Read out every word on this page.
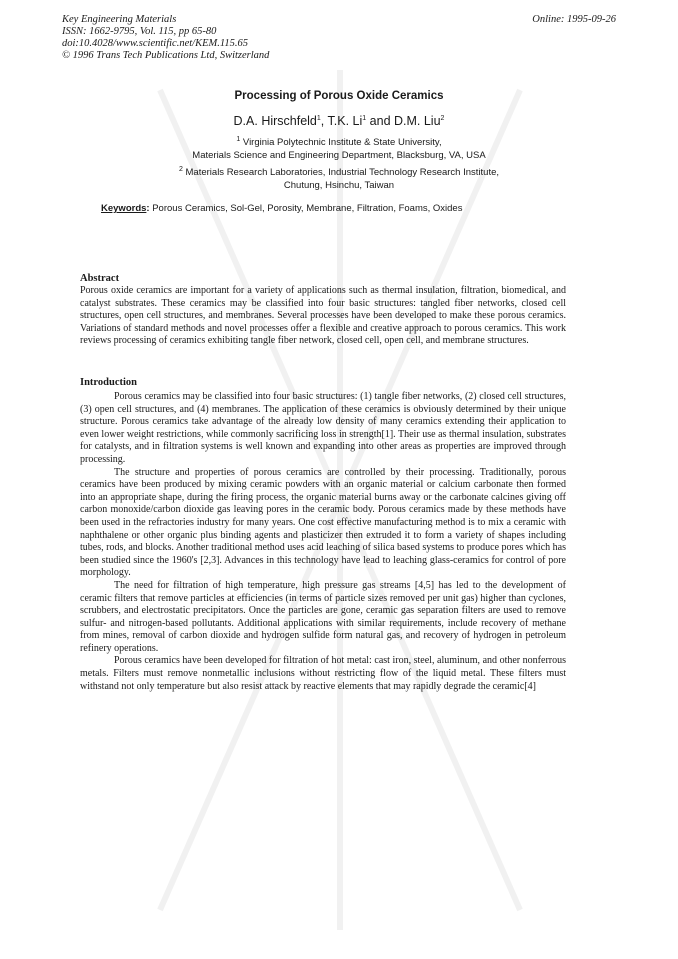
Key Engineering Materials
ISSN: 1662-9795, Vol. 115, pp 65-80
doi:10.4028/www.scientific.net/KEM.115.65
© 1996 Trans Tech Publications Ltd, Switzerland
Online: 1995-09-26
Processing of Porous Oxide Ceramics
D.A. Hirschfeld$^1$, T.K. Li$^1$ and D.M. Liu$^2$
$^1$ Virginia Polytechnic Institute & State University,
Materials Science and Engineering Department, Blacksburg, VA, USA
$^2$ Materials Research Laboratories, Industrial Technology Research Institute,
Chutung, Hsinchu, Taiwan
Keywords: Porous Ceramics, Sol-Gel, Porosity, Membrane, Filtration, Foams, Oxides
Abstract

Porous oxide ceramics are important for a variety of applications such as thermal insulation, filtration, biomedical, and catalyst substrates. These ceramics may be classified into four basic structures: tangled fiber networks, closed cell structures, open cell structures, and membranes. Several processes have been developed to make these porous ceramics. Variations of standard methods and novel processes offer a flexible and creative approach to porous ceramics. This work reviews processing of ceramics exhibiting tangle fiber network, closed cell, open cell, and membrane structures.

Introduction

Porous ceramics may be classified into four basic structures: (1) tangle fiber networks, (2) closed cell structures, (3) open cell structures, and (4) membranes. The application of these ceramics is obviously determined by their unique structure. Porous ceramics take advantage of the already low density of many ceramics extending their application to even lower weight restrictions, while commonly sacrificing loss in strength[1]. Their use as thermal insulation, substrates for catalysts, and in filtration systems is well known and expanding into other areas as properties are improved through processing.

The structure and properties of porous ceramics are controlled by their processing. Traditionally, porous ceramics have been produced by mixing ceramic powders with an organic material or calcium carbonate then formed into an appropriate shape, during the firing process, the organic material burns away or the carbonate calcines giving off carbon monoxide/carbon dioxide gas leaving pores in the ceramic body. Porous ceramics made by these methods have been used in the refractories industry for many years. One cost effective manufacturing method is to mix a ceramic with naphthalene or other organic plus binding agents and plasticizer then extruded it to form a variety of shapes including tubes, rods, and blocks. Another traditional method uses acid leaching of silica based systems to produce pores which has been studied since the 1960's [2,3]. Advances in this technology have lead to leaching glass-ceramics for control of pore morphology.

The need for filtration of high temperature, high pressure gas streams [4,5] has led to the development of ceramic filters that remove particles at efficiencies (in terms of particle sizes removed per unit gas) higher than cyclones, scrubbers, and electrostatic precipitators. Once the particles are gone, ceramic gas separation filters are used to remove sulfur- and nitrogen-based pollutants. Additional applications with similar requirements, include recovery of methane from mines, removal of carbon dioxide and hydrogen sulfide form natural gas, and recovery of hydrogen in petroleum refinery operations.

Porous ceramics have been developed for filtration of hot metal: cast iron, steel, aluminum, and other nonferrous metals. Filters must remove nonmetallic inclusions without restricting flow of the liquid metal. These filters must withstand not only temperature but also resist attack by reactive elements that may rapidly degrade the ceramic[4]
